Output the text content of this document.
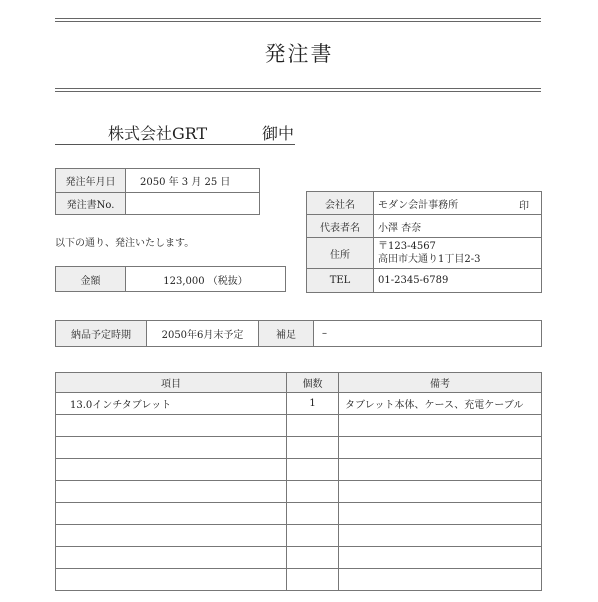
発注書
株式会社GRT	御中
発注年月日	2050 年 3 月 25 日
発注書No.	
以下の通り、発注いたします。
金額	123,000 （税抜）
会社名	モダン会計事務所 印

代表者名	小澤 杏奈
住所	〒123-4567
高田市大通り1丁目2-3

TEL	01-2345-6789
納品予定時期	2050年6月末予定	補足	–
項目	個数	備考
13.0インチタブレット	1	タブレット本体、ケース、充電ケーブル
